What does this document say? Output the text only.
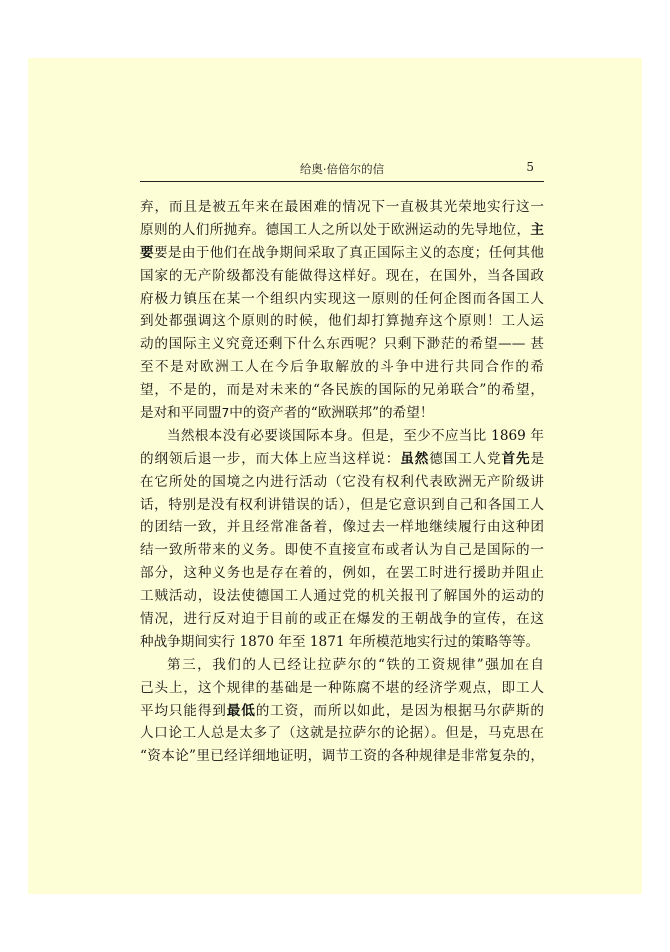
给奥·倍倍尔的信	5
弃，而且是被五年来在最困难的情况下一直极其光荣地实行这一
原则的人们所抛弃。德国工人之所以处于欧洲运动的先导地位，主
要要是由于他们在战争期间采取了真正国际主义的态度；任何其他
国家的无产阶级都没有能做得这样好。现在，在国外，当各国政
府极力镇压在某一个组织内实现这一原则的任何企图而各国工人
到处都强调这个原则的时候，他们却打算抛弃这个原则！工人运
动的国际主义究竟还剩下什么东西呢？只剩下渺茫的希望—— 甚
至不是对欧洲工人在今后争取解放的斗争中进行共同合作的希
望，不是的，而是对未来的“各民族的国际的兄弟联合”的希望，
是对和平同盟7中的资产者的“欧洲联邦”的希望！
当然根本没有必要谈国际本身。但是，至少不应当比 1869 年
的纲领后退一步，而大体上应当这样说：虽然德国工人党首先是
在它所处的国境之内进行活动（它没有权利代表欧洲无产阶级讲
话，特别是没有权利讲错误的话），但是它意识到自己和各国工人
的团结一致，并且经常准备着，像过去一样地继续履行由这种团
结一致所带来的义务。即使不直接宣布或者认为自己是国际的一
部分，这种义务也是存在着的，例如，在罢工时进行援助并阻止
工贼活动，设法使德国工人通过党的机关报刊了解国外的运动的
情况，进行反对迫于目前的或正在爆发的王朝战争的宣传，在这
种战争期间实行 1870 年至 1871 年所模范地实行过的策略等等。
第三，我们的人已经让拉萨尔的“铁的工资规律”强加在自
己头上，这个规律的基础是一种陈腐不堪的经济学观点，即工人
平均只能得到最低的工资，而所以如此，是因为根据马尔萨斯的
人口论工人总是太多了（这就是拉萨尔的论据）。但是，马克思在
“资本论”里已经详细地证明，调节工资的各种规律是非常复杂的，
